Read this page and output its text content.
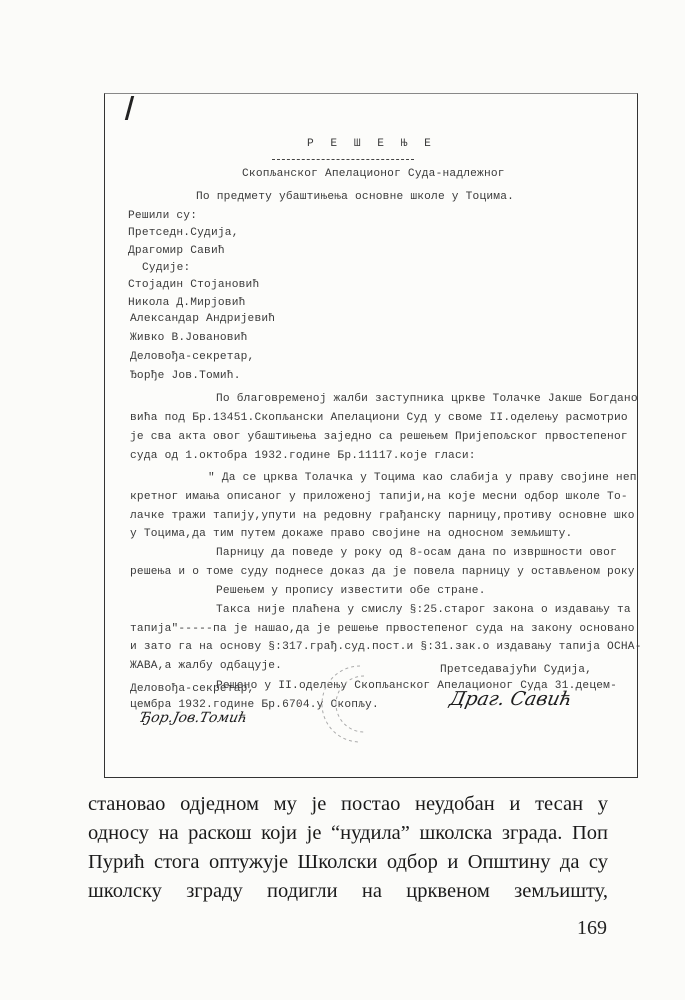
Р Е Ш Е Њ Е
Скопљанског Апелационог Суда-надлежног
По предмету убаштињења основне школе у Тоцима.
Решили су:
Претседн.Судија,
Драгомир Савић
Судије:
Стојадин Стојановић
Никола Д.Мирјовић
Александар Андријевић
Живко В.Јовановић
Деловођа-секретар,
Ђорђе Јов.Томић.
По благовременој жалби заступника цркве Толачке Јакше Богдано
вића под Бр.13451.Скопљански Апелациони Суд у своме II.оделењу расмотрио
је сва акта овог убаштињења заједно са решењем Пријепољског првостепеног
суда од 1.октобра 1932.године Бр.11117.које гласи:
" Да се црква Толачка у Тоцима као слабија у праву својине неп
кретног имања описаног у приложеној тапији,на које месни одбор школе То-
лачке тражи тапију,упути на редовну грађанску парницу,противу основне шко
у Тоцима,да тим путем докаже право својине на односном земљишту.
Парницу да поведе у року од 8-осам дана по извршности овог
решења и о томе суду поднесе доказ да је повела парницу у остављеном року
Решењем у пропису известити обе стране.
Такса није плаћена у смислу §:25.старог закона о издавању та
тапија"-----па је нашао,да је решење првостепеног суда на закону основано
и зато га на основу §:317.грађ.суд.пост.и §:31.зак.о издавању тапија ОСНА-
ЖАВА,а жалбу одбацује.
Решено у II.оделењу Скопљанског Апелационог Суда 31.децем-
цембра 1932.године Бр.6704.у Скопљу.
Претседавајући Судија,
Деловођа-секретар,	Драг. Савић
Ђор.Јов.Томић
становао одједном му је постао неудобан и тесан у
односу на раскош који је “нудила” школска зграда. Поп
Пурић стога оптужује Школски одбор и Општину да су
школску зграду подигли на црквеном земљишту,
169
